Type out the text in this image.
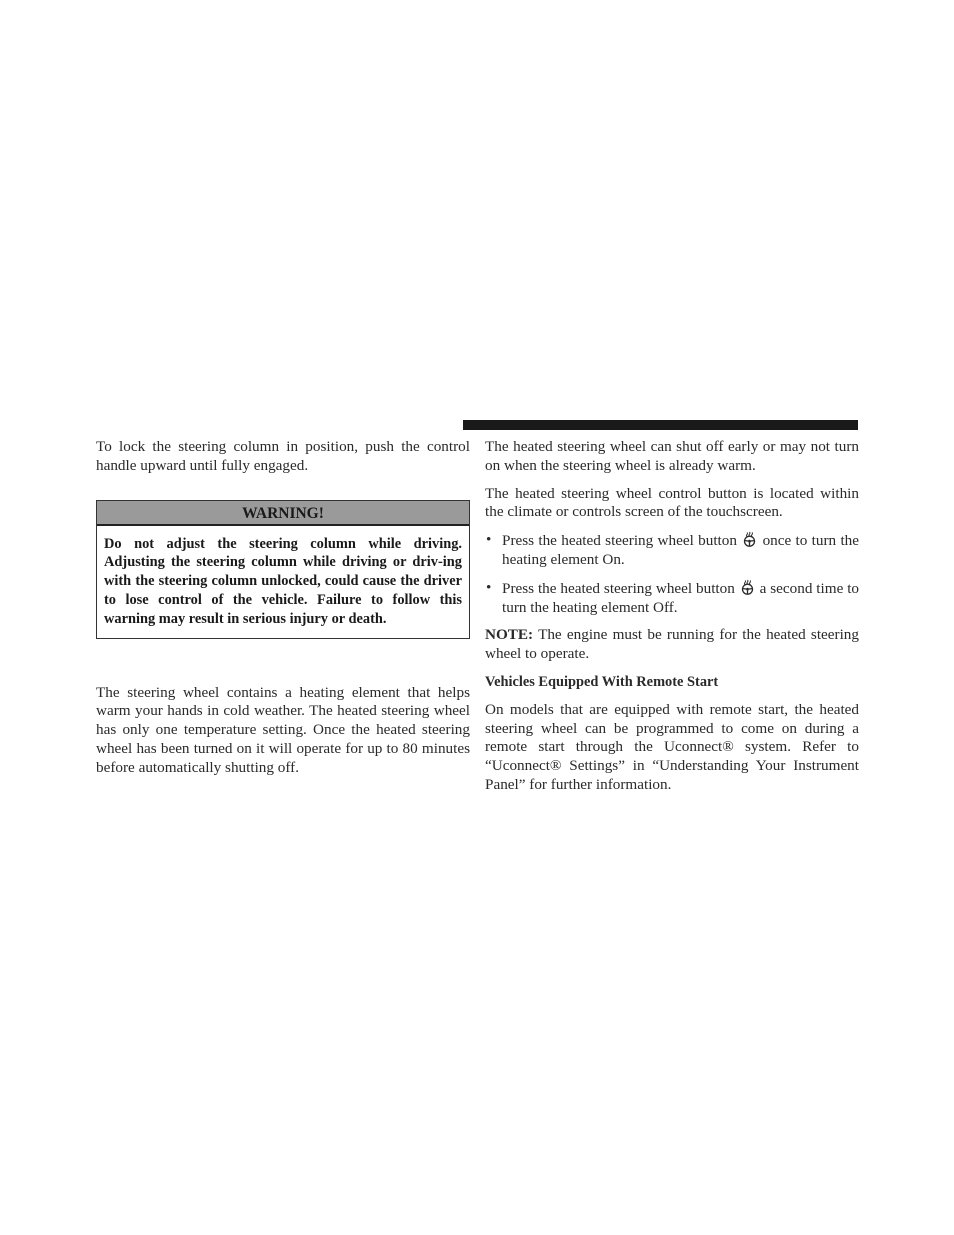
To lock the steering column in position, push the control handle upward until fully engaged.

WARNING!
Do not adjust the steering column while driving. Adjusting the steering column while driving or driv-ing with the steering column unlocked, could cause the driver to lose control of the vehicle. Failure to follow this warning may result in serious injury or death.

The steering wheel contains a heating element that helps warm your hands in cold weather. The heated steering wheel has only one temperature setting. Once the heated steering wheel has been turned on it will operate for up to 80 minutes before automatically shutting off.

The heated steering wheel can shut off early or may not turn on when the steering wheel is already warm.

The heated steering wheel control button is located within the climate or controls screen of the touchscreen.

• Press the heated steering wheel button once to turn the heating element On.
• Press the heated steering wheel button a second time to turn the heating element Off.

NOTE: The engine must be running for the heated steering wheel to operate.

Vehicles Equipped With Remote Start

On models that are equipped with remote start, the heated steering wheel can be programmed to come on during a remote start through the Uconnect® system. Refer to “Uconnect® Settings” in “Understanding Your Instrument Panel” for further information.
